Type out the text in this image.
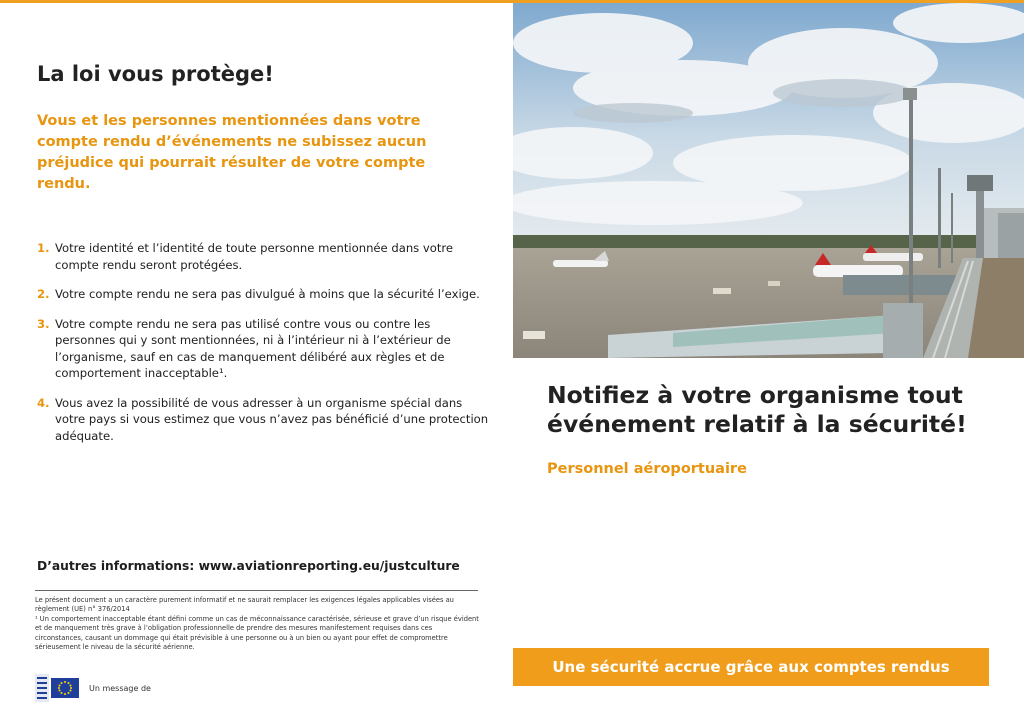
La loi vous protège!

Vous et les personnes mentionnées dans votre compte rendu d’événements ne subissez aucun préjudice qui pourrait résulter de votre compte rendu.

1. Votre identité et l’identité de toute personne mentionnée dans votre compte rendu seront protégées.
2. Votre compte rendu ne sera pas divulgué à moins que la sécurité l’exige.
3. Votre compte rendu ne sera pas utilisé contre vous ou contre les personnes qui y sont mentionnées, ni à l’intérieur ni à l’extérieur de l’organisme, sauf en cas de manquement délibéré aux règles et de comportement inacceptable¹.
4. Vous avez la possibilité de vous adresser à un organisme spécial dans votre pays si vous estimez que vous n’avez pas bénéficié d’une protection adéquate.

D’autres informations: www.aviationreporting.eu/justculture

Le présent document a un caractère purement informatif et ne saurait remplacer les exigences légales applicables visées au règlement (UE) n° 376/2014
¹ Un comportement inacceptable étant défini comme un cas de méconnaissance caractérisée, sérieuse et grave d’un risque évident et de manquement très grave à l’obligation professionnelle de prendre des mesures manifestement requises dans ces circonstances, causant un dommage qui était prévisible à une personne ou à un bien ou ayant pour effet de compromettre sérieusement le niveau de la sécurité aérienne.
Un message de
Notifiez à votre organisme tout événement relatif à la sécurité!

Personnel aéroportuaire

Une sécurité accrue grâce aux comptes rendus
